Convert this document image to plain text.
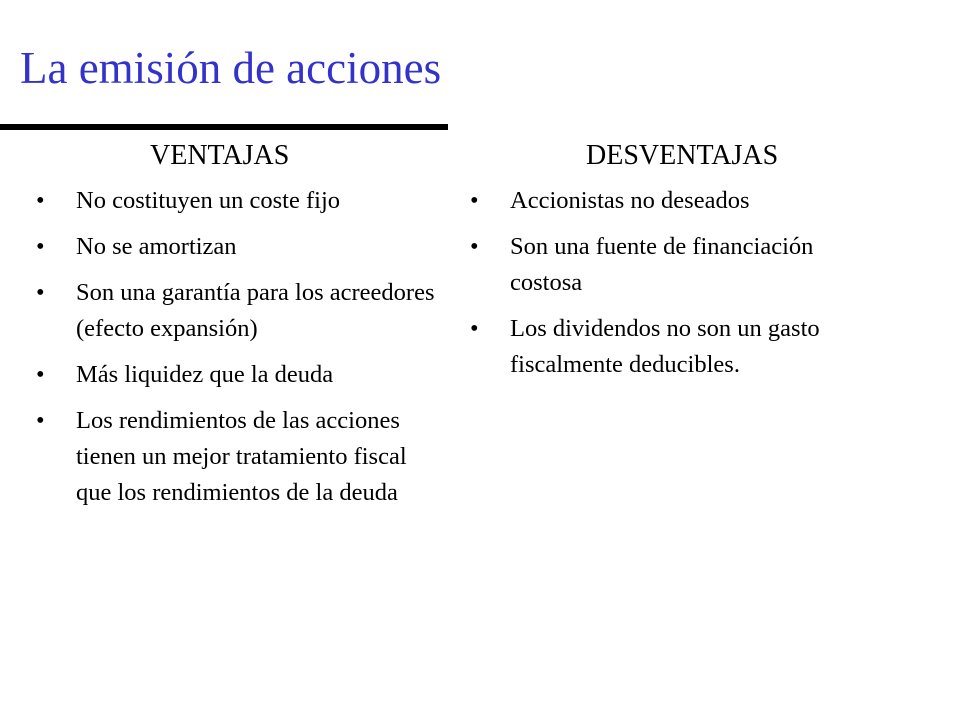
La emisión de acciones
VENTAJAS	DESVENTAJAS
•	No costituyen un coste fijo
•	No se amortizan
•	Son una garantía para los acreedores (efecto expansión)
•	Más liquidez que la deuda
•	Los rendimientos de las acciones tienen un mejor tratamiento fiscal que los rendimientos de la deuda
•	Accionistas no deseados
•	Son una fuente de financiación costosa
•	Los dividendos no son un gasto fiscalmente deducibles.
